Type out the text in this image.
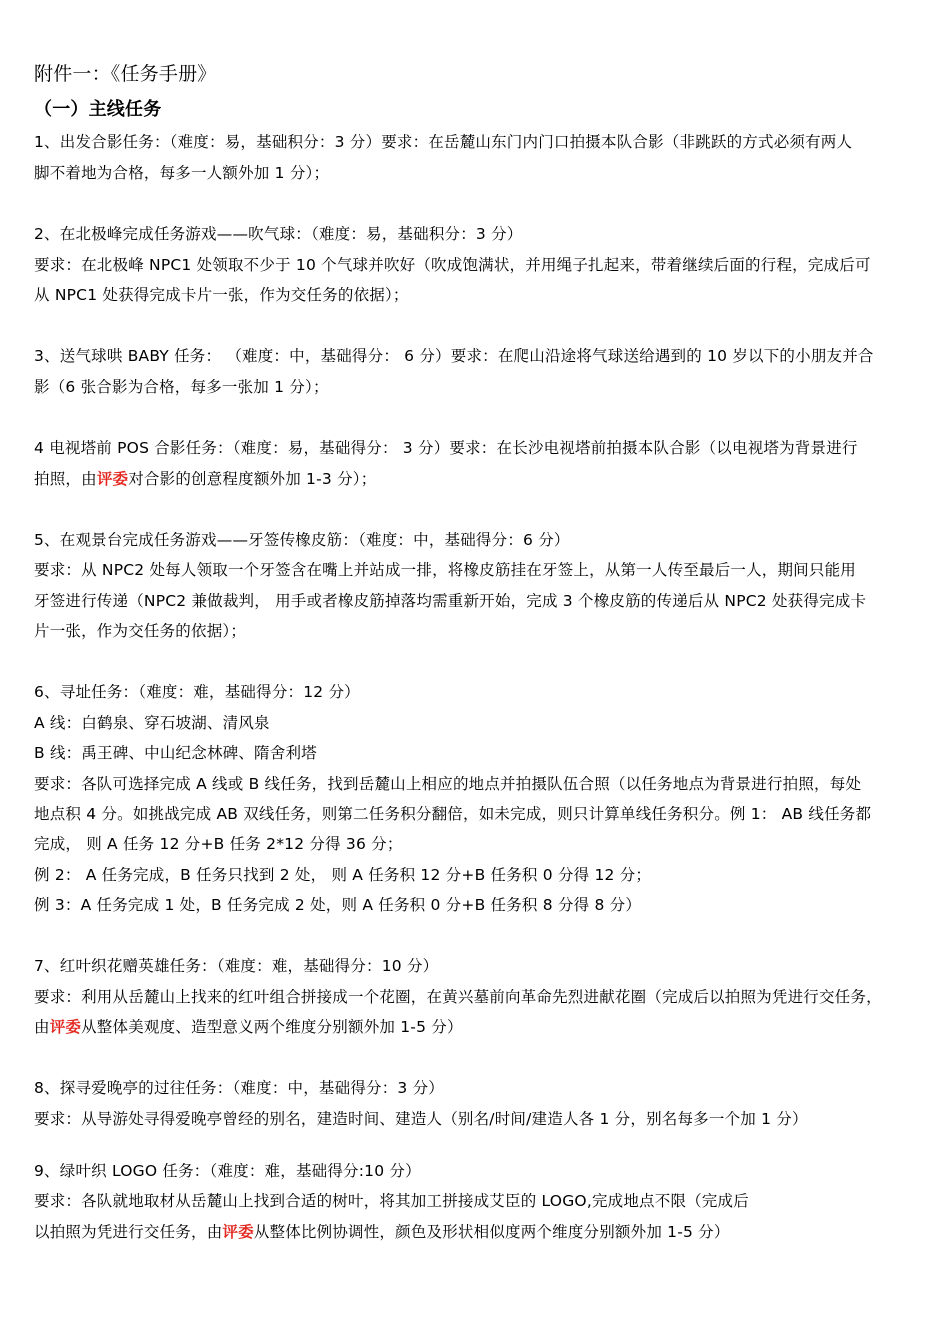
附件一：《任务手册》
（一）主线任务
1、出发合影任务：（难度：易，基础积分：3 分）要求：在岳麓山东门内门口拍摄本队合影（非跳跃的方式必须有两人
脚不着地为合格，每多一人额外加 1 分）；
2、在北极峰完成任务游戏——吹气球：（难度：易，基础积分：3 分）
要求：在北极峰 NPC1 处领取不少于 10 个气球并吹好（吹成饱满状，并用绳子扎起来，带着继续后面的行程，完成后可
从 NPC1 处获得完成卡片一张，作为交任务的依据）；
3、送气球哄 BABY 任务： （难度：中，基础得分： 6 分）要求：在爬山沿途将气球送给遇到的 10 岁以下的小朋友并合
影（6 张合影为合格，每多一张加 1 分）；
4 电视塔前 POS 合影任务：（难度：易，基础得分： 3 分）要求：在长沙电视塔前拍摄本队合影（以电视塔为背景进行
拍照，由评委对合影的创意程度额外加 1-3 分）；
5、在观景台完成任务游戏——牙签传橡皮筋：（难度：中，基础得分：6 分）
要求：从 NPC2 处每人领取一个牙签含在嘴上并站成一排，将橡皮筋挂在牙签上，从第一人传至最后一人，期间只能用
牙签进行传递（NPC2 兼做裁判， 用手或者橡皮筋掉落均需重新开始，完成 3 个橡皮筋的传递后从 NPC2 处获得完成卡
片一张，作为交任务的依据）；
6、寻址任务：（难度：难，基础得分：12 分）
A 线：白鹤泉、穿石坡湖、清风泉
B 线：禹王碑、中山纪念林碑、隋舍利塔
要求：各队可选择完成 A 线或 B 线任务，找到岳麓山上相应的地点并拍摄队伍合照（以任务地点为背景进行拍照，每处
地点积 4 分。如挑战完成 AB 双线任务，则第二任务积分翻倍，如未完成，则只计算单线任务积分。例 1： AB 线任务都
完成， 则 A 任务 12 分+B 任务 2*12 分得 36 分；
例 2： A 任务完成，B 任务只找到 2 处， 则 A 任务积 12 分+B 任务积 0 分得 12 分；
例 3：A 任务完成 1 处，B 任务完成 2 处，则 A 任务积 0 分+B 任务积 8 分得 8 分）
7、红叶织花赠英雄任务：（难度：难，基础得分：10 分）
要求：利用从岳麓山上找来的红叶组合拼接成一个花圈，在黄兴墓前向革命先烈进献花圈（完成后以拍照为凭进行交任务，
由评委从整体美观度、造型意义两个维度分别额外加 1-5 分）
8、探寻爱晚亭的过往任务：（难度：中，基础得分：3 分）
要求：从导游处寻得爱晚亭曾经的别名，建造时间、建造人（别名/时间/建造人各 1 分，别名每多一个加 1 分）
9、绿叶织 LOGO 任务：（难度：难，基础得分:10 分）
要求：各队就地取材从岳麓山上找到合适的树叶，将其加工拼接成艾臣的 LOGO,完成地点不限（完成后
以拍照为凭进行交任务，由评委从整体比例协调性，颜色及形状相似度两个维度分别额外加 1-5 分）
